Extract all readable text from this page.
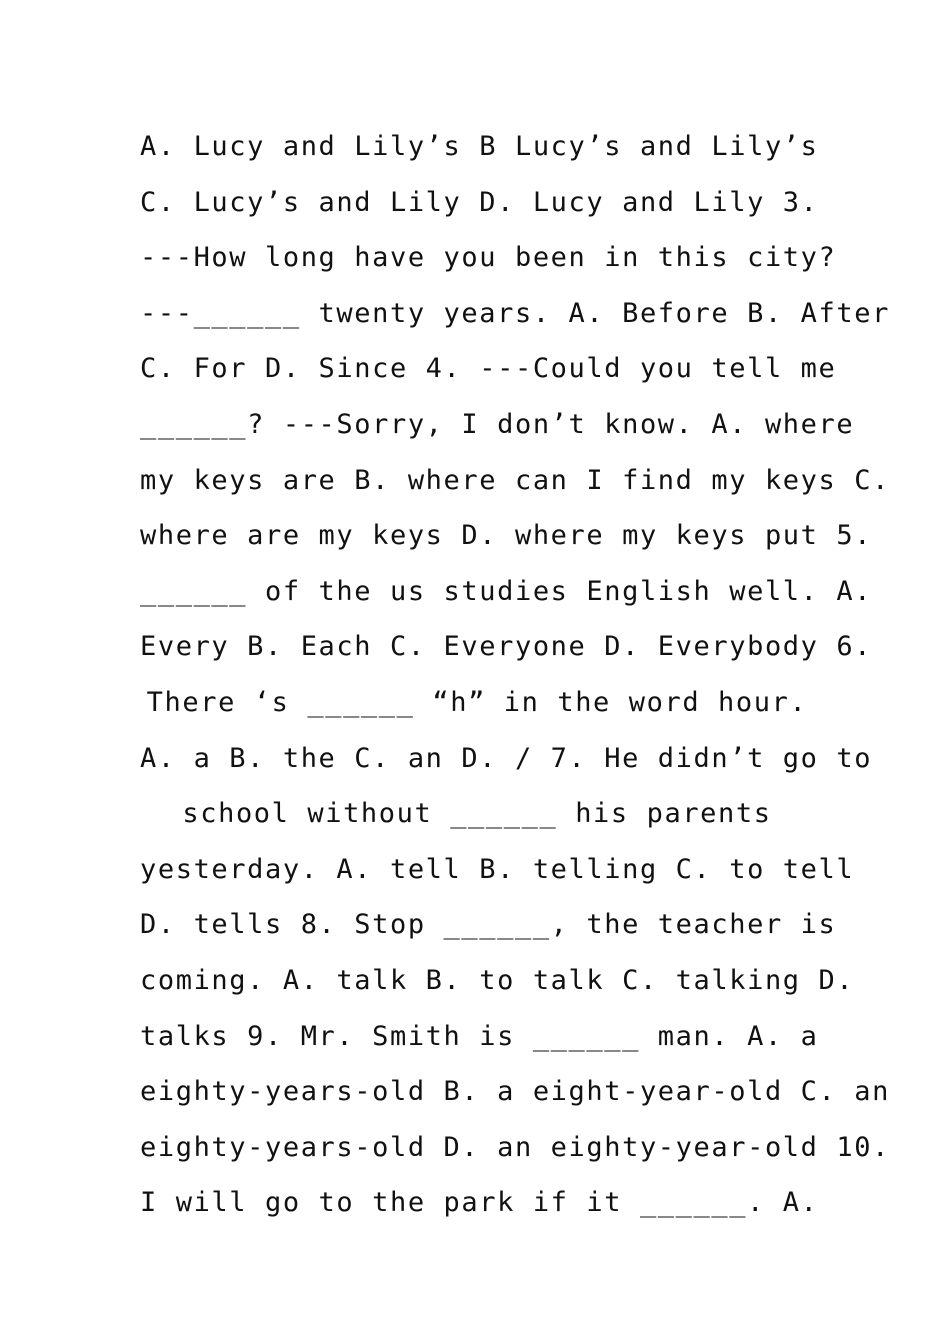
A. Lucy and Lily’s B Lucy’s and Lily’s
C. Lucy’s and Lily D. Lucy and Lily 3.
---How long have you been in this city?
---______ twenty years. A. Before B. After
C. For D. Since 4. ---Could you tell me
______? ---Sorry, I don’t know. A. where
my keys are B. where can I find my keys C.
where are my keys D. where my keys put 5.
______ of the us studies English well. A.
Every B. Each C. Everyone D. Everybody 6.
There ‘s ______ “h” in the word hour.
A. a B. the C. an D. / 7. He didn’t go to
school without ______ his parents
yesterday. A. tell B. telling C. to tell
D. tells 8. Stop ______, the teacher is
coming. A. talk B. to talk C. talking D.
talks 9. Mr. Smith is ______ man. A. a
eighty-years-old B. a eight-year-old C. an
eighty-years-old D. an eighty-year-old 10.
I will go to the park if it ______. A.
